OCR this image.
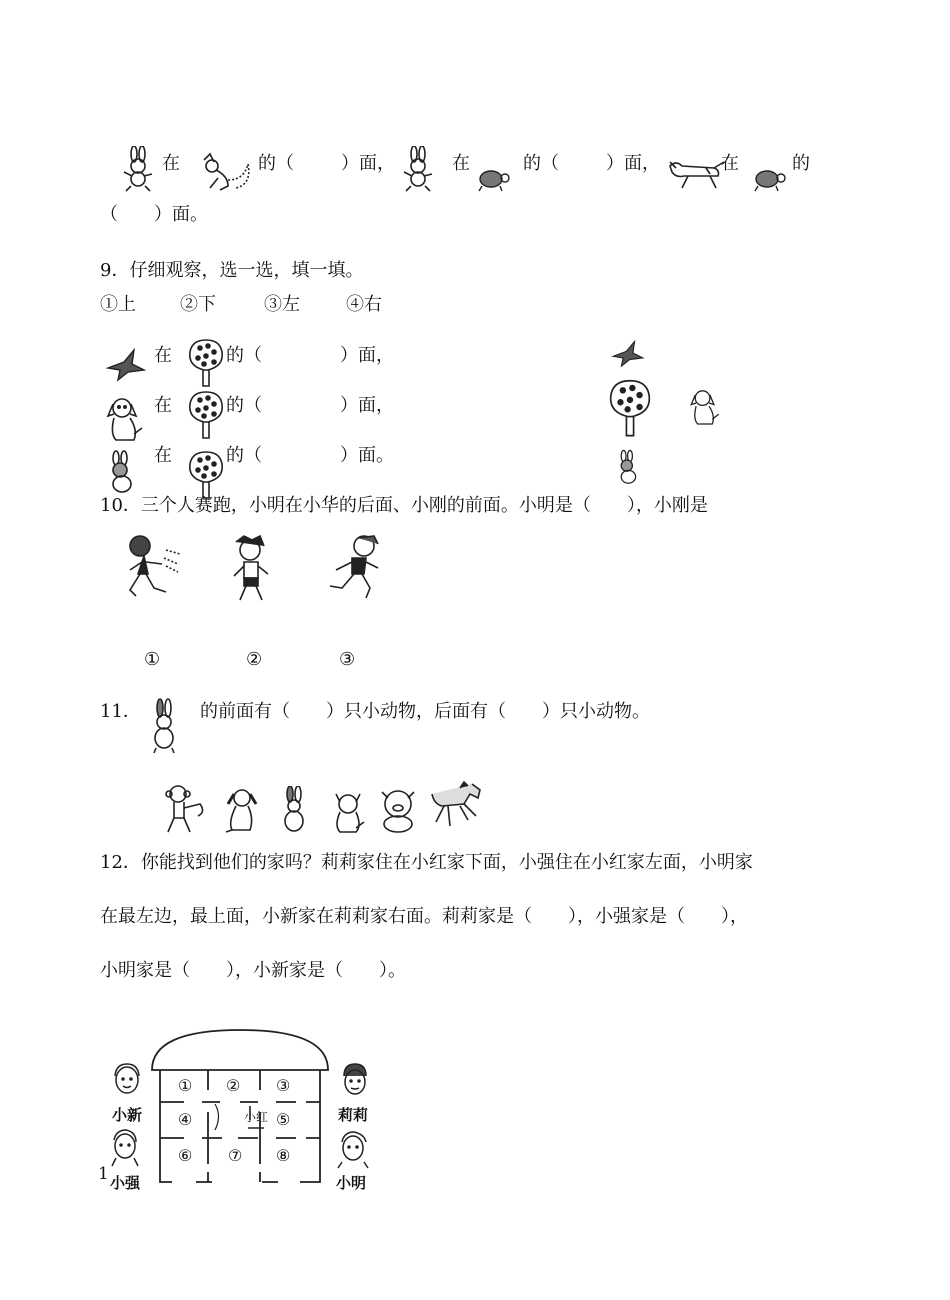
在	的（	）面，	在	的（	）面，	在	的
（　　）面。
9．仔细观察，选一选，填一填。
①上 ②下	③左	④右
在	的（	）面，
在	的（	）面，
在	的（	）面。
10．三个人赛跑，小明在小华的后面、小刚的前面。小明是（　　），小刚是
①	②	③
11．	的前面有（　　）只小动物，后面有（　　）只小动物。
12．你能找到他们的家吗？莉莉家住在小红家下面，小强住在小红家左面，小明家
在最左边，最上面，小新家在莉莉家右面。莉莉家是（　　），小强家是（　　），
小明家是（　　），小新家是（　　）。
① ② ③
④	⑤
⑥ ⑦ ⑧
小红
小新
1 小强
莉莉
小明
